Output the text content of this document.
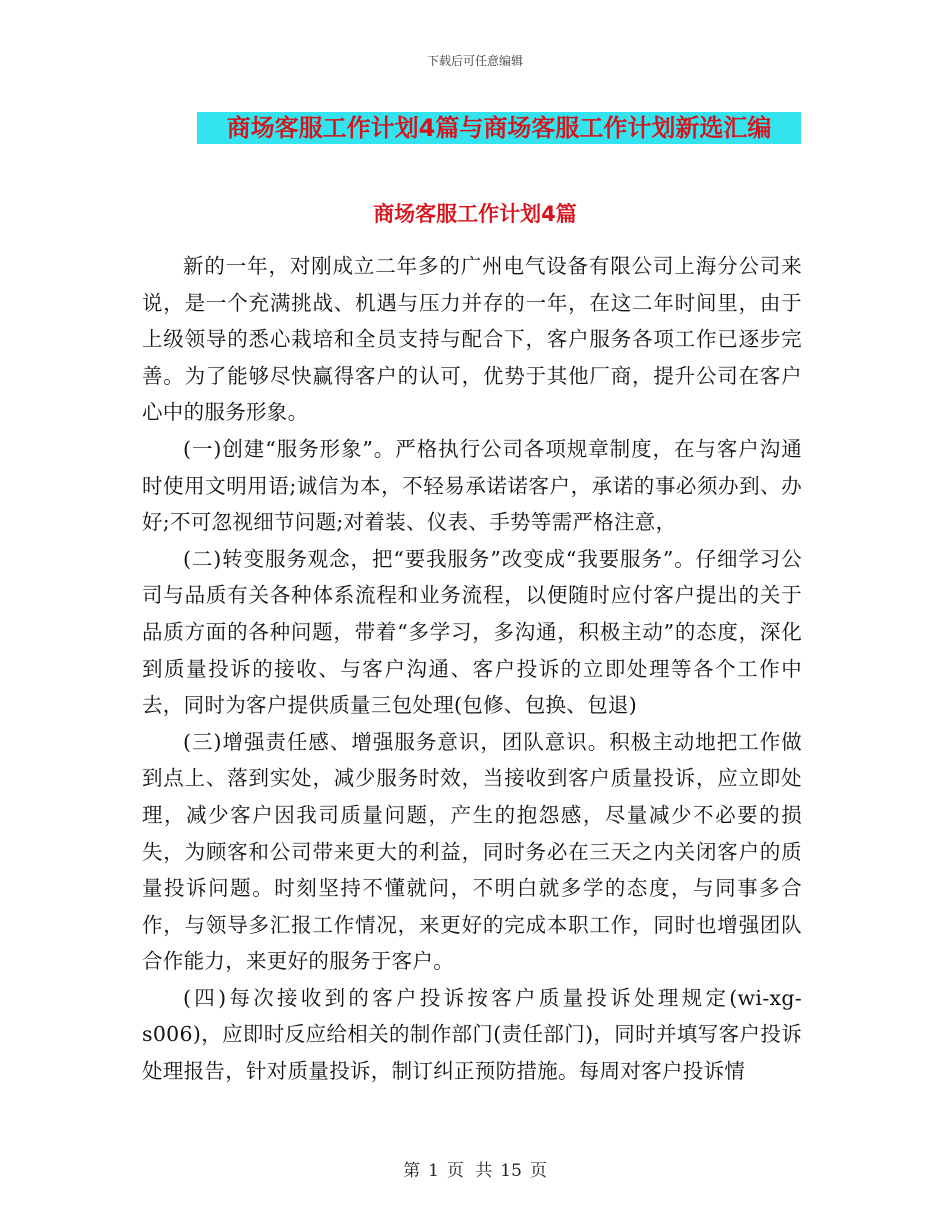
下载后可任意编辑
商场客服工作计划4篇与商场客服工作计划新选汇编
商场客服工作计划4篇

新的一年，对刚成立二年多的广州电气设备有限公司上海分公司来说，是一个充满挑战、机遇与压力并存的一年，在这二年时间里，由于上级领导的悉心栽培和全员支持与配合下，客户服务各项工作已逐步完善。为了能够尽快赢得客户的认可，优势于其他厂商，提升公司在客户心中的服务形象。

(一)创建“服务形象”。严格执行公司各项规章制度，在与客户沟通时使用文明用语;诚信为本，不轻易承诺诺客户，承诺的事必须办到、办好;不可忽视细节问题;对着装、仪表、手势等需严格注意，

(二)转变服务观念，把“要我服务”改变成“我要服务”。仔细学习公司与品质有关各种体系流程和业务流程，以便随时应付客户提出的关于品质方面的各种问题，带着“多学习，多沟通，积极主动”的态度，深化到质量投诉的接收、与客户沟通、客户投诉的立即处理等各个工作中去，同时为客户提供质量三包处理(包修、包换、包退)

(三)增强责任感、增强服务意识，团队意识。积极主动地把工作做到点上、落到实处，减少服务时效，当接收到客户质量投诉，应立即处理，减少客户因我司质量问题，产生的抱怨感，尽量减少不必要的损失，为顾客和公司带来更大的利益，同时务必在三天之内关闭客户的质量投诉问题。时刻坚持不懂就问，不明白就多学的态度，与同事多合作，与领导多汇报工作情况，来更好的完成本职工作，同时也增强团队合作能力，来更好的服务于客户。

(四)每次接收到的客户投诉按客户质量投诉处理规定(wi-xg-s006)，应即时反应给相关的制作部门(责任部门)，同时并填写客户投诉处理报告，针对质量投诉，制订纠正预防措施。每周对客户投诉情

第 1 页 共 15 页
